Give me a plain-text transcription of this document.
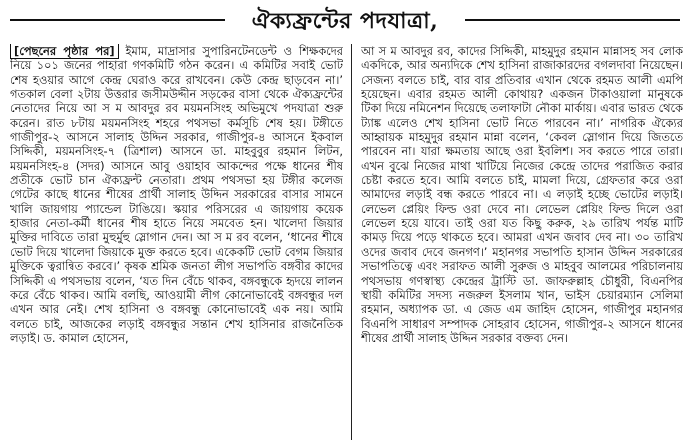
ঐক্যফ্রন্টের পদযাত্রা,

[পেছনের পৃষ্ঠার পর] ইমাম, মাদ্রাসার সুপারিনটেনডেন্ট ও শিক্ষকদের নিয়ে ১০১ জনের পাহারা গণকমিটি গঠন করেন। এ কমিটির সবাই ভোট শেষ হওয়ার আগে কেন্দ্র ঘেরাও করে রাখবেন। কেউ কেন্দ্র ছাড়বেন না।’ গতকাল বেলা ২টায় উত্তরার জসীমউদ্দীন সড়কের বাসা থেকে ঐক্যফ্রন্টের নেতাদের নিয়ে আ স ম আবদুর রব ময়মনসিংহ অভিমুখে পদযাত্রা শুরু করেন। রাত ৮টায় ময়মনসিংহ শহরে পথসভা কর্মসূচি শেষ হয়। টঙ্গীতে গাজীপুর-২ আসনে সালাহ উদ্দিন সরকার, গাজীপুর-৪ আসনে ইকবাল সিদ্দিকী, ময়মনসিংহ-৭ (ত্রিশাল) আসনে ডা. মাহবুবুর রহমান লিটন, ময়মনসিংহ-৪ (সদর) আসনে আবু ওয়াহাব আকন্দের পক্ষে ধানের শীষ প্রতীকে ভোট চান ঐক্যফ্রন্ট নেতারা। প্রথম পথসভা হয় টঙ্গীর কলেজ গেটের কাছে ধানের শীষের প্রার্থী সালাহ উদ্দিন সরকারের বাসার সামনে খালি জায়গায় প্যান্ডেল টাঙিয়ে। স্কয়ার পরিসরের এ জায়গায় কয়েক হাজার নেতা-কর্মী ধানের শীষ হাতে নিয়ে সমবেত হন। খালেদা জিয়ার মুক্তির দাবিতে তারা মুহুর্মুহু স্লোগান দেন। আ স ম রব বলেন, ‘ধানের শীষে ভোট দিয়ে খালেদা জিয়াকে মুক্ত করতে হবে। একেকটি ভোট বেগম জিয়ার মুক্তিকে ত্বরান্বিত করবে।’ কৃষক শ্রমিক জনতা লীগ সভাপতি বঙ্গবীর কাদের সিদ্দিকী এ পথসভায় বলেন, ‘যত দিন বেঁচে থাকব, বঙ্গবন্ধুকে হৃদয়ে লালন করে বেঁচে থাকব। আমি বলছি, আওয়ামী লীগ কোনোভাবেই বঙ্গবন্ধুর দল এখন আর নেই। শেখ হাসিনা ও বঙ্গবন্ধু কোনোভাবেই এক নয়। আমি বলতে চাই, আজকের লড়াই বঙ্গবন্ধুর সন্তান শেখ হাসিনার রাজনৈতিক লড়াই। ড. কামাল হোসেন,

আ স ম আবদুর রব, কাদের সিদ্দিকী, মাহমুদুর রহমান মান্নাসহ সব লোক একদিকে, আর অন্যদিকে শেখ হাসিনা রাজাকারদের বগলদাবা নিয়েছেন। সেজন্য বলতে চাই, বার বার প্রতিবার এখান থেকে রহমত আলী এমপি হয়েছেন। এবার রহমত আলী কোথায়? একজন টাকাওয়ালা মানুষকে টিকা দিয়ে নমিনেশন দিয়েছে তলাফাটা নৌকা মার্কায়। এবার ভারত থেকে ট্যাঙ্ক এলেও শেখ হাসিনা ভোট নিতে পারবেন না।’ নাগরিক ঐক্যের আহ্বায়ক মাহমুদুর রহমান মান্না বলেন, ‘কেবল স্লোগান দিয়ে জিততে পারবেন না। যারা ক্ষমতায় আছে ওরা ইবলিশ। সব করতে পারে তারা। এখন বুঝে নিজের মাথা খাটিয়ে নিজের কেন্দ্রে তাদের পরাজিত করার চেষ্টা করতে হবে। আমি বলতে চাই, মামলা দিয়ে, গ্রেফতার করে ওরা আমাদের লড়াই বন্ধ করতে পারবে না। এ লড়াই হচ্ছে ভোটের লড়াই। লেভেল প্লেয়িং ফিল্ড ওরা দেবে না। লেভেল প্লেয়িং ফিল্ড দিলে ওরা লেভেল হয়ে যাবে। তাই ওরা যত কিছু করুক, ২৯ তারিখ পর্যন্ত মাটি কামড় দিয়ে পড়ে থাকতে হবে। আমরা এখন জবাব দেব না। ৩০ তারিখ ওদের জবাব দেবে জনগণ।’ মহানগর সভাপতি হাসান উদ্দিন সরকারের সভাপতিত্বে এবং সরাফত আলী সুরুজ ও মাহবুব আলমের পরিচালনায় পথসভায় গণস্বাস্থ্য কেন্দ্রের ট্রাস্টি ডা. জাফরুল্লাহ চৌধুরী, বিএনপির স্থায়ী কমিটির সদস্য নজরুল ইসলাম খান, ভাইস চেয়ারম্যান সেলিমা রহমান, অধ্যাপক ডা. এ জেড এম জাহিদ হোসেন, গাজীপুর মহানগর বিএনপি সাধারণ সম্পাদক সোহরাব হোসেন, গাজীপুর-২ আসনে ধানের শীষের প্রার্থী সালাহ উদ্দিন সরকার বক্তব্য দেন।
